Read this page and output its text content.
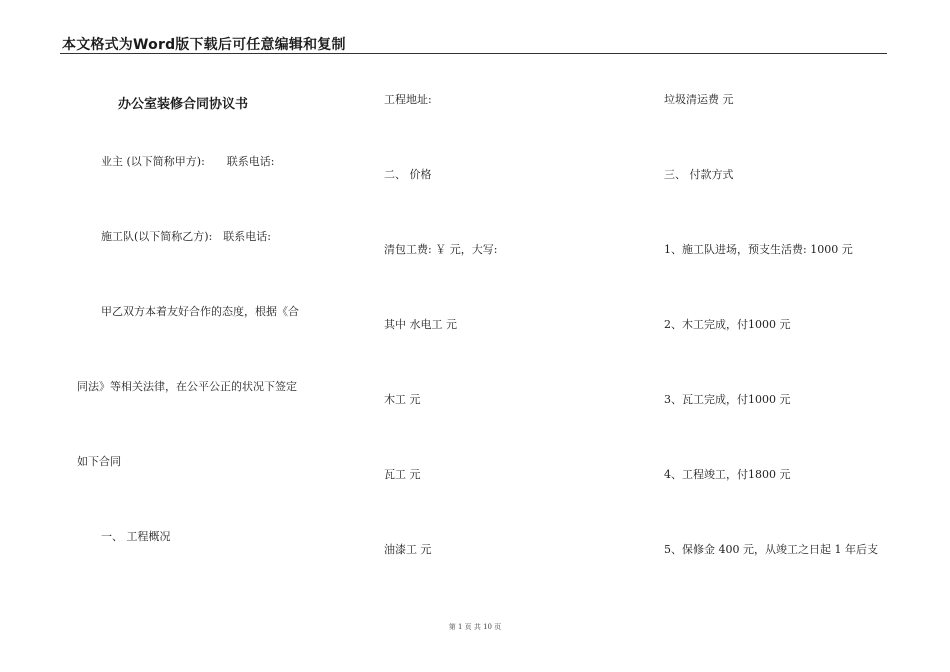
本文格式为Word版下载后可任意编辑和复制
办公室装修合同协议书
业主 (以下简称甲方):　　联系电话:
施工队(以下简称乙方):　联系电话:
甲乙双方本着友好合作的态度，根据《合
同法》等相关法律，在公平公正的状况下签定
如下合同
一、 工程概况
工程地址:
二、 价格
清包工费: ￥ 元，大写:
其中 水电工 元
木工 元
瓦工 元
油漆工 元
垃圾清运费 元
三、 付款方式
1、施工队进场，预支生活费: 1000 元
2、木工完成，付1000 元
3、瓦工完成，付1000 元
4、工程竣工，付1800 元
5、保修金 400 元，从竣工之日起 1 年后支
第 1 页 共 10 页
